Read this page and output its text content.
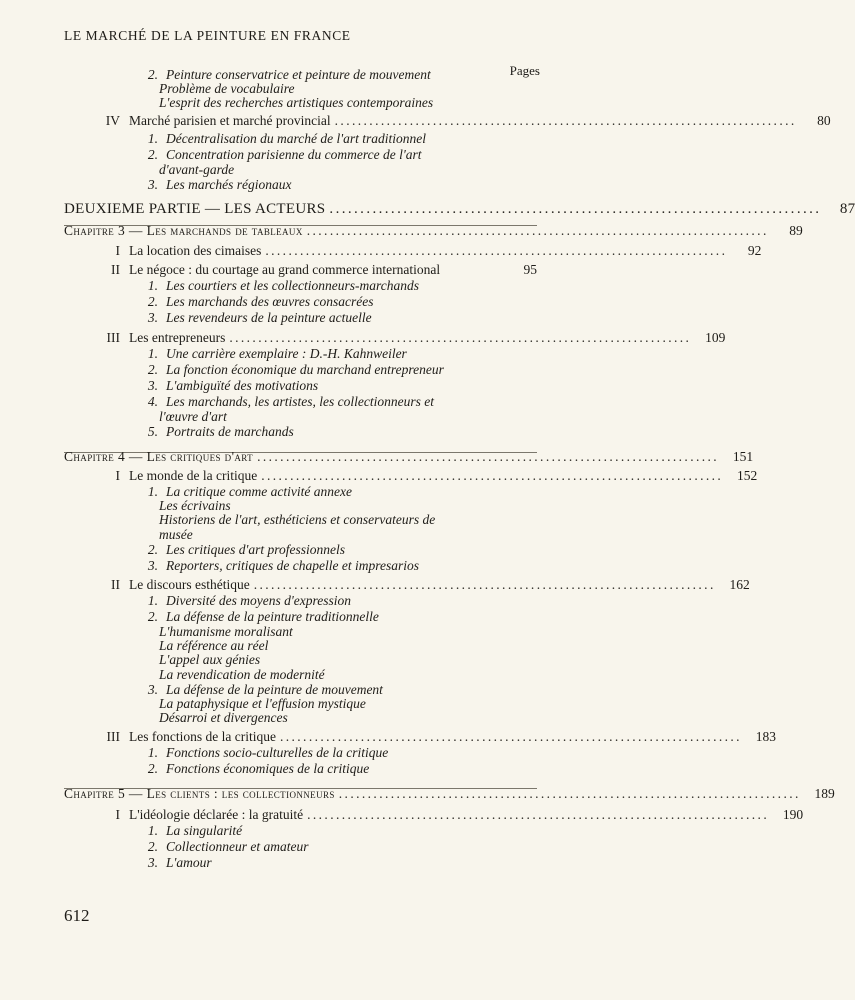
LE MARCHÉ DE LA PEINTURE EN FRANCE
Pages
2. Peinture conservatrice et peinture de mouvement
Problème de vocabulaire
L'esprit des recherches artistiques contemporaines
IV Marché parisien et marché provincial ................................................................................	80
1. Décentralisation du marché de l'art traditionnel
2. Concentration parisienne du commerce de l'art
d'avant-garde
3. Les marchés régionaux
DEUXIEME PARTIE — LES ACTEURS ................................................................................	87
Chapitre 3 — Les marchands de tableaux ................................................................................	89
I La location des cimaises ................................................................................	92
II Le négoce : du courtage au grand commerce international	95
1. Les courtiers et les collectionneurs-marchands
2. Les marchands des œuvres consacrées
3. Les revendeurs de la peinture actuelle
III Les entrepreneurs ................................................................................	109
1. Une carrière exemplaire : D.-H. Kahnweiler
2. La fonction économique du marchand entrepreneur
3. L'ambiguïté des motivations
4. Les marchands, les artistes, les collectionneurs et
l'œuvre d'art
5. Portraits de marchands
Chapitre 4 — Les critiques d'art ................................................................................	151
I Le monde de la critique ................................................................................	152
1. La critique comme activité annexe
Les écrivains
Historiens de l'art, esthéticiens et conservateurs de
musée
2. Les critiques d'art professionnels
3. Reporters, critiques de chapelle et impresarios
II Le discours esthétique ................................................................................	162
1. Diversité des moyens d'expression
2. La défense de la peinture traditionnelle
L'humanisme moralisant
La référence au réel
L'appel aux génies
La revendication de modernité
3. La défense de la peinture de mouvement
La pataphysique et l'effusion mystique
Désarroi et divergences
III Les fonctions de la critique ................................................................................	183
1. Fonctions socio-culturelles de la critique
2. Fonctions économiques de la critique
Chapitre 5 — Les clients : les collectionneurs ................................................................................	189
I L'idéologie déclarée : la gratuité ................................................................................	190
1. La singularité
2. Collectionneur et amateur
3. L'amour
612
